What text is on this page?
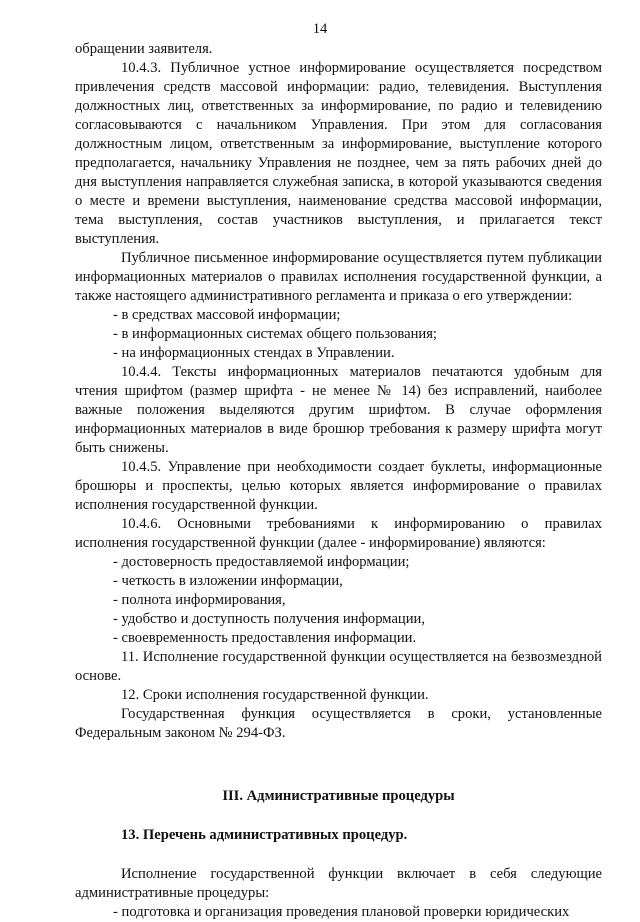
14
обращении заявителя.
10.4.3. Публичное устное информирование осуществляется посредством привлечения средств массовой информации: радио, телевидения. Выступления должностных лиц, ответственных за информирование, по радио и телевидению согласовываются с начальником Управления. При этом для согласования должностным лицом, ответственным за информирование, выступление которого предполагается, начальнику Управления не позднее, чем за пять рабочих дней до дня выступления направляется служебная записка, в которой указываются сведения о месте и времени выступления, наименование средства массовой информации, тема выступления, состав участников выступления, и прилагается текст выступления.
Публичное письменное информирование осуществляется путем публикации информационных материалов о правилах исполнения государственной функции, а также настоящего административного регламента и приказа о его утверждении:
- в средствах массовой информации;
- в информационных системах общего пользования;
- на информационных стендах в Управлении.
10.4.4. Тексты информационных материалов печатаются удобным для чтения шрифтом (размер шрифта - не менее № 14) без исправлений, наиболее важные положения выделяются другим шрифтом. В случае оформления информационных материалов в виде брошюр требования к размеру шрифта могут быть снижены.
10.4.5. Управление при необходимости создает буклеты, информационные брошюры и проспекты, целью которых является информирование о правилах исполнения государственной функции.
10.4.6. Основными требованиями к информированию о правилах исполнения государственной функции (далее - информирование) являются:
- достоверность предоставляемой информации;
- четкость в изложении информации,
- полнота информирования,
- удобство и доступность получения информации,
- своевременность предоставления информации.
11. Исполнение государственной функции осуществляется на безвозмездной основе.
12. Сроки исполнения государственной функции.
Государственная функция осуществляется в сроки, установленные Федеральным законом № 294-ФЗ.
III. Административные процедуры
13. Перечень административных процедур.
Исполнение государственной функции включает в себя следующие административные процедуры:
- подготовка и организация проведения плановой проверки юридических
